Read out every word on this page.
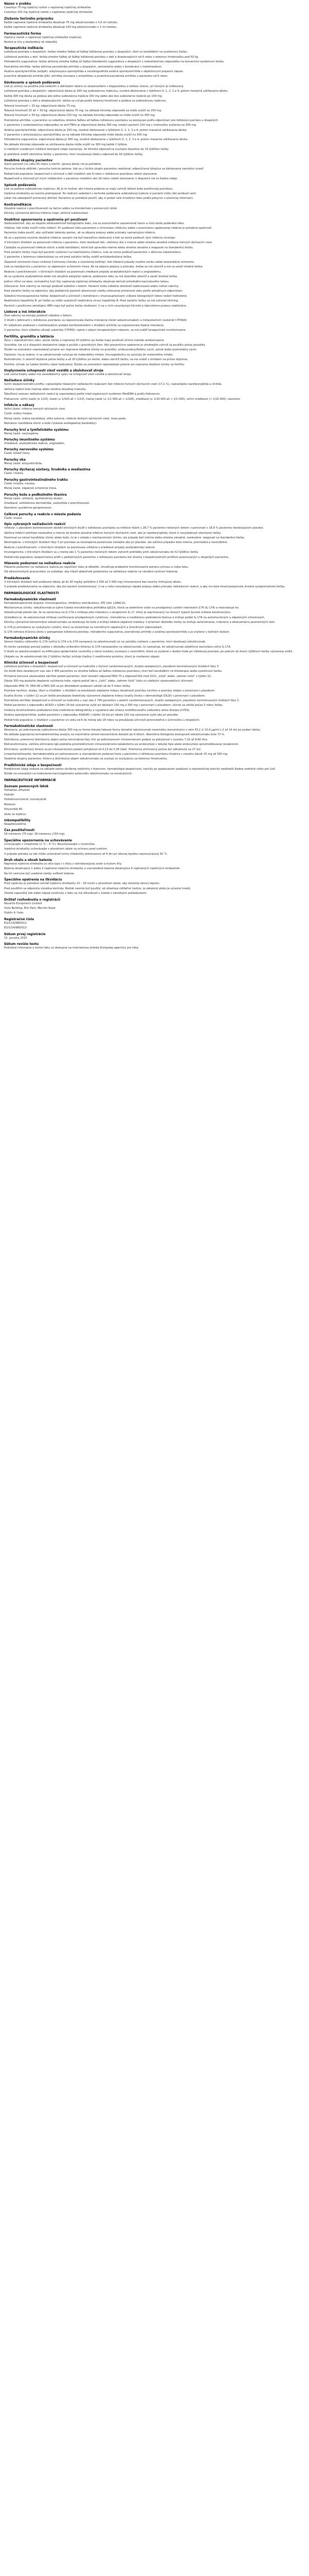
Názov v ýrobku
Cosentyx 75 mg injekčný roztok v naplnenej injekčnej striekačke
Cosentyx 150 mg injekčný roztok v naplnenej injekčnej striekačke
Zloženie liečivého prípravku
Každá naplnená injekčná striekačka obsahuje 75 mg sekukinumabu v 0,5 ml roztoku.
Každá naplnená injekčná striekačka obsahuje 150 mg sekukinumabu v 1 ml roztoku.
Farmaceutická forma
Injekčný roztok v naplnenej injekčnej striekačke (injekcia).
Roztok je číry a bezfarebný až slabožltý.
Terapeutické indikácie
Ložisková psoriáza u dospelých: liečba stredne ťažkej až ťažkej ložiskovej psoriázy u dospelých, ktorí sú kandidátmi na systémovú liečbu.
Ložisková psoriáza u detí: liečba stredne ťažkej až ťažkej ložiskovej psoriázy u detí a dospievajúcich od 6 rokov s telesnou hmotnosťou pod 50 kg.
Hidradenitis suppurativa: liečba aktívnej stredne ťažkej až ťažkej hidradenitis suppurativa u dospelých s nedostatočnou odpoveďou na konvenčnú systémovú liečbu.
Psoriatická artritída: liečba aktívnej psoriatickej artritídy u dospelých, samostatne alebo v kombinácii s metotrexátom.
Axiálna spondylartritída (axSpA): ankylozujúca spondylitída a neradiografická axiálna spondylartritída s objektívnymi prejavmi zápalu.
Juvenilná idiopatická artritída (JIA): artritída súvisiaca s entezitídou a juvenilná psoriatická artritída u pacientov od 6 rokov.
Dávkovanie a spôsob podávania
Liek je určený na použitie pod vedením a dohľadom lekára so skúsenosťami s diagnostikou a liečbou stavov, pri ktorých je indikovaný.
Ložisková psoriáza u dospelých: odporúčaná dávka je 300 mg subkutánnou injekciou, úvodné dávkovanie v týždňoch 0, 1, 2, 3 a 4, potom mesačná udržiavacia dávka.
Každá 300 mg dávka sa podáva ako jedna subkutánna injekcia 300 mg alebo ako dve subkutánne injekcie po 150 mg.
Ložisková psoriáza u detí a dospievajúcich: dávka sa určuje podľa telesnej hmotnosti a podáva sa subkutánnou injekciou.
Telesná hmotnosť < 25 kg: odporúčaná dávka 75 mg.
Telesná hmotnosť 25 až < 50 kg: odporúčaná dávka 75 mg; na základe klinickej odpovede sa môže zvýšiť na 150 mg.
Telesná hmotnosť ≥ 50 kg: odporúčaná dávka 150 mg; na základe klinickej odpovede sa môže zvýšiť na 300 mg.
Psoriatická artritída: u pacientov so súbežnou stredne ťažkou až ťažkou ložiskovou psoriázou sa postupuje podľa odporúčaní pre ložiskovú psoriázu u dospelých.
U pacientov s nedostatočnou odpoveďou na anti-TNFα je odporúčaná dávka 300 mg; ostatní pacienti 150 mg s možnosťou zvýšenia na 300 mg.
Axiálna spondylartritída: odporúčaná dávka je 150 mg, úvodné dávkovanie v týždňoch 0, 1, 2, 3 a 4, potom mesačná udržiavacia dávka.
U pacientov s ankylozujúcou spondylitídou sa na základe klinickej odpovede môže dávka zvýšiť na 300 mg.
Hidradenitis suppurativa: odporúčaná dávka je 300 mg, úvodné dávkovanie v týždňoch 0, 1, 2, 3 a 4, potom mesačná udržiavacia dávka.
Na základe klinickej odpovede sa udržiavacia dávka môže zvýšiť na 300 mg každé 2 týždne.
U všetkých uvedených indikácií dostupné údaje naznačujú, že klinická odpoveď sa zvyčajne dosiahne do 16 týždňov liečby.
Je potrebné zvážiť ukončenie liečby u pacientov, ktorí nevykazujú žiadnu odpoveď do 16 týždňov liečby.
Osobitné skupiny pacientov
Starší pacienti (vo veku 65 rokov a starší): úprava dávky nie je potrebná.
Porucha funkcie obličiek / porucha funkcie pečene: liek sa u týchto skupín pacientov neskúmal; odporúčania týkajúce sa dávkovania nemožno uviesť.
Pediatrická populácia: bezpečnosť a účinnosť u detí mladších ako 6 rokov s ložiskovou psoriázou neboli stanovené.
Bezpečnosť a účinnosť pri iných indikáciách u pacientov mladších ako 18 rokov neboli stanovené; k dispozícii nie sú žiadne údaje.
Spôsob podávania
Liek sa podáva subkutánnou injekciou. Ak je to možné, ako miesta podania sa majú vyhnúť oblasti kože postihnutej psoriázou.
Injekčná striekačka sa nesmie pretrepávať. Po riadnom zaškolení v technike podávania subkutánnej injekcie si pacienti môžu liek podávať sami.
Lekár má zabezpečiť primeraný dohľad. Pacientov je potrebné poučiť, aby si podali celé množstvo lieku podľa pokynov v písomnej informácii.
Kontraindikácie
Závažné reakcie z precitlivenosti na liečivo alebo na ktorúkoľvek z pomocných látok.
Klinicky významná aktívna infekcia (napr. aktívna tuberkulóza).
Osobitné upozornenia a opatrenia pri používaní
Sledovateľnosť: aby sa zlepšila sledovateľnosť biologického lieku, má sa zrozumiteľne zaznamenať názov a číslo šarže podaného lieku.
Infekcie: liek môže zvýšiť riziko infekcií. Pri podávaní lieku pacientom s chronickou infekciou alebo s anamnézou opakovanej infekcie je potrebná opatrnosť.
Pacientov treba poučiť, aby vyhľadali lekársku pomoc, ak sa objavia prejavy alebo príznaky naznačujúce infekciu.
Ak sa u pacienta rozvinie závažná infekcia, pacient má byť starostlivo sledovaný a liek sa nemá podávať, kým infekcia neustúpi.
V klinických štúdiách sa pozorovali infekcie u pacientov, ktorí dostávali liek; väčšinou išlo o mierne alebo stredne závažné infekcie horných dýchacích ciest.
Častejšie sa pozorovali infekcie slizníc a kože kandidami, ktoré boli spravidla mierne alebo stredne závažné a reagovali na štandardnú liečbu.
Pred začatím liečby majú byť pacienti vyšetrení na tuberkulóznu infekciu. Liek sa nemá podávať pacientom s aktívnou tuberkulózou.
U pacientov s latentnou tuberkulózou sa má pred začatím liečby zvážiť antituberkulózna liečba.
Zápalové ochorenie čreva (vrátane Crohnovej choroby a ulceróznej kolitídy): boli hlásené prípady nového vzniku alebo exacerbácie ochorenia.
Liek sa neodporúča u pacientov so zápalovým ochorením čreva. Ak sa objavia prejavy a príznaky, liečba sa má ukončiť a má sa začať vhodná liečba.
Reakcie z precitlivenosti: v klinických štúdiách sa pozorovali zriedkavé prípady anafylaktických reakcií a angioedému.
Ak sa vyskytne anafylaktická alebo iná závažná alergická reakcia, podávanie lieku sa má okamžite ukončiť a začať vhodná liečba.
Jedinci citliví na latex: snímateľný kryt ihly naplnenej injekčnej striekačky obsahuje derivát prírodného kaučukového latexu.
Očkovania: živé vakcíny sa nemajú podávať súbežne s liekom. Pacienti môžu súbežne dostávať inaktivované alebo neživé vakcíny.
Pred začatím liečby sa odporúča, aby pediatrickí pacienti absolvovali všetky očkovania primerané veku podľa aktuálnych odporúčaní.
Súbežná imunosupresívna liečba: bezpečnosť a účinnosť v kombinácii s imunosupresívami vrátane biologických liekov neboli hodnotené.
Reaktivácia hepatitídy B: pri liečbe sa môže vyskytnúť reaktivácia vírusu hepatitídy B. Pred začatím liečby sa má vykonať skríning.
Pacienti s pozitívnou sérológiou HBV majú byť počas liečby sledovaní, či sa u nich nevyskytujú klinické a laboratórne prejavy reaktivácie.
Liekové a iné interakcie
Živé vakcíny sa nemajú podávať súbežne s liekom.
V štúdii s jedincami s ložiskovou psoriázou sa nepozorovala žiadna interakcia medzi sekukinumabom a midazolamom (substrát CYP3A4).
Pri súbežnom podávaní s metotrexátom a/alebo kortikosteroidmi v štúdiách artritídy sa nepozorovala žiadna interakcia.
U pacientov, ktorí súbežne užívajú substráty CYP450, najmä s úzkym terapeutickým indexom, sa má zvážiť terapeutické monitorovanie.
Fertilita, gravidita a laktácia
Ženy v reprodukčnom veku: počas liečby a najmenej 20 týždňov po liečbe majú používať účinnú metódu antikoncepcie.
Gravidita: nie sú k dispozícii dostatočné údaje o použití u gravidných žien. Ako preventívne opatrenie je vhodnejšie vyhnúť sa použitiu počas gravidity.
Štúdie na zvieratách nepreukázali priame ani nepriame škodlivé účinky na graviditu, embryonálny/fetálny vývin, pôrod alebo postnatálny vývin.
Dojčenie: nie je známe, či sa sekukinumab vylučuje do materského mlieka. Imunoglobulíny sa vylučujú do materského mlieka.
Rozhodnutie, či ukončiť dojčenie počas liečby a až 20 týždňov po liečbe, alebo ukončiť liečbu, sa má urobiť s ohľadom na prínos dojčenia.
Fertilita: účinok na ľudskú fertilitu nebol hodnotený. Štúdie na zvieratách nepreukázali priame ani nepriame škodlivé účinky na fertilitu.
Ovplyvnenie schopnosti viesť vozidlá a obsluhovať stroje
Liek nemá žiadny alebo má zanedbateľný vplyv na schopnosť viesť vozidlá a obsluhovať stroje.
Nežiaduce účinky
Súhrn bezpečnostného profilu: najčastejšie hlásenými nežiaducimi reakciami boli infekcie horných dýchacích ciest (17,1 %), najčastejšie nazofaryngitída a rinitída.
Väčšina reakcií bola miernej alebo stredne závažnej intenzity.
Tabuľkový zoznam nežiaducich reakcií je usporiadaný podľa tried orgánových systémov MedDRA a podľa frekvencie.
Frekvencie: veľmi časté (≥ 1/10), časté (≥ 1/100 až < 1/10), menej časté (≥ 1/1 000 až < 1/100), zriedkavé (≥ 1/10 000 až < 1/1 000), veľmi zriedkavé (< 1/10 000), neznáme.
Infekcie a nákazy
Veľmi časté: infekcie horných dýchacích ciest.
Časté: orálny herpes.
Menej časté: orálna kandidóza, otitis externa, infekcie dolných dýchacích ciest, tinea pedis.
Neznáme: kandidóza slizníc a kože (vrátane ezofageálnej kandidózy).
Poruchy krvi a lymfatického systému
Menej časté: neutropénia.
Poruchy imunitného systému
Zriedkavé: anafylaktické reakcie, angioedém.
Poruchy nervového systému
Časté: bolesť hlavy.
Poruchy oka
Menej časté: konjunktivitída.
Poruchy dýchacej sústavy, hrudníka a mediastína
Časté: rinorea.
Poruchy gastrointestinálneho traktu
Časté: hnačka, nauzea.
Menej časté: zápalové ochorenie čreva.
Poruchy kože a podkožného tkaniva
Menej časté: urtikária, dyshidrotický ekzém.
Zriedkavé: exfoliatívna dermatitída, vaskulitída z precitlivenosti.
Neznáme: pyoderma gangrenosum.
Celkové poruchy a reakcie v mieste podania
Časté: únava.
Opis vybraných nežiaducich reakcií
Infekcie: v placebom kontrolovanom období klinických štúdií s ložiskovou psoriázou sa infekcie hlásili u 28,7 % pacientov liečených liekom v porovnaní s 18,9 % pacientov dostávajúcich placebo.
Väčšina infekcií zahŕňala nezávažné a mierne až stredne závažné infekcie horných dýchacích ciest, ako je nazofaryngitída, ktoré si nevyžadovali ukončenie liečby.
Pozoroval sa nárast kandidózy slizníc alebo kože, čo je v súlade s mechanizmom účinku, ale prípady boli mierne alebo stredne závažné, nezávažné, reagovali na štandardnú liečbu.
Neutropénia: v klinických štúdiách fázy 3 pri psoriáze sa neutropénia pozorovala častejšie ako pri placebe, ale väčšina prípadov bola mierna, prechodná a reverzibilná.
Reakcie z precitlivenosti: v klinických štúdiách sa pozorovala urtikária a zriedkavé prípady anafylaktickej reakcie.
Imunogenicita: v klinických štúdiách sa u menej ako 1 % pacientov liečených liekom vytvorili protilátky proti sekukinumabu do 52 týždňov liečby.
Pediatrická populácia: bezpečnostný profil u pediatrických pacientov s ložiskovou psoriázou bol zhodný s bezpečnostným profilom pozorovaným u dospelých pacientov.
Hlásenie podozrení na nežiaduce reakcie
Hlásenie podozrení na nežiaduce reakcie po registrácii lieku je dôležité. Umožňuje priebežné monitorovanie pomeru prínosu a rizika lieku.
Od zdravotníckych pracovníkov sa vyžaduje, aby hlásili akékoľvek podozrenia na nežiaduce reakcie na národné centrum hlásenia.
Predávkovanie
V klinických štúdiách boli podávané dávky až do 30 mg/kg (približne 2 000 až 3 000 mg) intravenózne bez toxicity limitujúcej dávku.
V prípade predávkovania sa odporúča, aby bol pacient monitorovaný, či sa u neho nevyskytujú nejaké prejavy alebo príznaky nežiaducich reakcií, a aby mu bola ihneď poskytnutá vhodná symptomatická liečba.
FARMAKOLOGICKÉ VLASTNOSTI
Farmakodynamické vlastnosti
Farmakoterapeutická skupina: imunosupresíva, inhibítory interleukínov, ATC kód: L04AC10.
Mechanizmus účinku: sekukinumab je úplne ľudská monoklonálna protilátka IgG1/κ, ktorá sa selektívne viaže na prozápalový cytokín interleukín-17A (IL-17A) a neutralizuje ho.
Sekukinumab pôsobí tak, že sa zameriava na IL-17A a inhibuje jeho interakciu s receptorom IL-17, ktorý je exprimovaný na rôznych typoch buniek vrátane keratinocytov.
Výsledkom je, že sekukinumab inhibuje uvoľňovanie prozápalových cytokínov, chemokínov a mediátorov poškodenia tkaniva a znižuje podiel IL-17A na autoimunitných a zápalových ochoreniach.
Klinicky významné koncentrácie sekukinumabu sa dostávajú do kože a znižujú lokálne zápalové markery. V priamom dôsledku liečby sa znižuje začervenanie, induráciu a deskvamáciu psoriatických lézií.
IL-17A je prirodzene sa vyskytujúci cytokín, ktorý sa zúčastňuje na normálnych zápalových a imunitných odpovediach.
IL-17A zohráva kľúčovú úlohu v patogenéze ložiskovej psoriázy, hidradenitis suppurativa, psoriatickej artritídy a axiálnej spondylartritídy a je zvýšený v kožných léziách.
Farmakodynamické účinky
Sérové hladiny celkového IL-17A (voľný IL-17A a IL-17A naviazaný na sekukinumab) sú na začiatku zvýšené u pacientov, ktorí dostávajú sekukinumab.
Po tomto nasleduje pomalý pokles v dôsledku zníženého klírensu IL-17A naviazaného na sekukinumab, čo naznačuje, že sekukinumab selektívne zachytáva voľný IL-17A.
V štúdii so sekukinumabom sa infiltrujúce epidermálne neutrofily a rôzne markery súvisiace s neutrofilmi, ktoré sú zvýšené v léziách kože pri ložiskovej psoriáze, po jednom až dvoch týždňoch liečby významne znížili.
Ukázalo sa, že sekukinumab (do 2 týždňov liečby) znižuje hladiny C-reaktívneho proteínu, ktorý je markerom zápalu.
Klinická účinnosť a bezpečnosť
Ložisková psoriáza u dospelých: bezpečnosť a účinnosť sa hodnotila v štyroch randomizovaných, dvojito zaslepených, placebom kontrolovaných štúdiách fázy 3.
Do štúdií bolo zaradených viac ako 2 400 pacientov so stredne ťažkou až ťažkou ložiskovou psoriázou, ktorí boli kandidátmi na fototerapiu alebo systémovú liečbu.
Primárne koncové ukazovatele zahŕňali podiel pacientov, ktorí dosiahli odpoveď PASI 75 a odpoveď IGA mod 2011 „čistá“ alebo „takmer čistá“ v týždni 12.
Dávka 300 mg poskytla zlepšenie vyčistenia kože, najmä pokiaľ ide o „čistú“ alebo „takmer čistú“ kožu vo všetkých ukazovateľoch účinnosti.
Odpovede PASI 75, PASI 90 a PASI 100 sa pri dlhodobom podávaní udržali až do 5 rokov liečby.
Psoriáza nechtov, skalpu, dlaní a chodidiel: v štúdiách sa preukázalo zlepšenie indexu závažnosti psoriázy nechtov a psoriázy skalpu v porovnaní s placebom.
Kvalita života: v týždni 12 sa pri liečbe preukázalo štatisticky významné zlepšenie indexu kvality života v dermatológii (DLQI) v porovnaní s placebom.
Psoriatická artritída: bezpečnosť a účinnosť sa hodnotila u viac ako 2 700 pacientov v piatich randomizovaných, dvojito zaslepených, placebom kontrolovaných štúdiách fázy 3.
Podiel pacientov s odpoveďou ACR20 v týždni 24 bol významne vyšší pri dávkach 150 mg a 300 mg v porovnaní s placebom; účinok sa udržal počas 5 rokov liečby.
Inhibícia štrukturálneho poškodenia bola hodnotená rádiograficky a vyjadrená ako zmena modifikovaného celkového skóre Sharpa (mTSS).
Axiálna spondylartritída: podiel pacientov s odpoveďou ASAS40 v týždni 16 bol pri dávke 150 mg významne vyšší ako pri placebe.
Pediatrická populácia: v štúdiách u pacientov vo veku od 6 do menej ako 18 rokov sa preukázala účinnosť porovnateľná s účinnosťou u dospelých.
Farmakokinetické vlastnosti
Absorpcia: po jednorazovej subkutánnej dávke 300 mg vo forme tekutej liekovej formy dosiahol sekukinumab maximálnu koncentráciu v sére 43,2 ± 10,4 µg/ml o 2 až 14 dní po podaní dávky.
Na základe populačnej farmakokinetickej analýzy sa maximálne sérové koncentrácie dosiahli po 6 dňoch. Absolútna biologická dostupnosť sekukinumabu bola 73 %.
Distribúcia: priemerný distribučný objem počas terminálnej fázy (Vz) po jednorazovom intravenóznom podaní sa pohyboval v rozsahu 7,10 až 8,60 litra.
Biotransformácia: väčšina eliminácie IgG prebieha prostredníctvom intracelulárneho katabolizmu po endocytóze v tekutej fáze alebo endocytóze sprostredkovanej receptorom.
Eliminácia: systémový klírens sa po intravenóznom podaní pohyboval od 0,13 do 0,36 l/deň. Priemerný eliminačný polčas bol odhadnutý na 27 dní.
Linearita/nelinearita: farmakokinetika pri jednorazovom a viacnásobnom podávaní bola u pacientov s ložiskovou psoriázou lineárna v rozsahu dávok 25 mg až 300 mg.
Osobitné skupiny pacientov: klírens a distribučný objem sekukinumabu sa zvyšujú so zvyšujúcou sa telesnou hmotnosťou.
Predklinické údaje o bezpečnosti
Predklinické údaje získané na základe testov skríženej reaktivity s tkanivom, farmakológie bezpečnosti, toxicity po opakovanom podávaní a reprodukčnej toxicity neodhalili žiadne osobitné riziko pre ľudí.
Štúdie na zvieratách na hodnotenie karcinogénneho potenciálu sekukinumabu sa neuskutočnili.
FARMACEUTICKÉ INFORMÁCIE
Zoznam pomocných látok
Trehalóza, dihydrát
Histidín
Histidíniumchlorid, monohydrát
Metionín
Polysorbát 80
Voda na injekciu
Inkompatibility
Neaplikovateľné.
Čas použiteľnosti
18 mesiacov (75 mg); 18 mesiacov (150 mg).
Špeciálne upozornenia na uchovávanie
Uchovávajte v chladničke (2 °C – 8 °C). Neuchovávajte v mrazničke.
Injekčné striekačky uchovávajte v pôvodnom obale na ochranu pred svetlom.
V prípade potreby sa liek môže uchovávať mimo chladničky jednorazovo až 4 dni pri izbovej teplote neprevyšujúcej 30 °C.
Druh obalu a obsah balenia
Naplnená injekčná striekačka zo skla typu I s ihlou z nehrdzavejúcej ocele a krytom ihly.
Balenia obsahujúce 1 alebo 2 naplnené injekčné striekačky a viacnásobné balenia obsahujúce 6 naplnených injekčných striekačiek.
Na trh nemusia byť uvedené všetky veľkosti balenia.
Špeciálne opatrenia na likvidáciu
Pred injekciou je potrebné nechať injekčnú striekačku 15 – 30 minút v pôvodnom obale, aby dosiahla izbovú teplotu.
Pred použitím sa odporúča vizuálna kontrola. Roztok nesmie byť použitý, ak obsahuje viditeľné častice, je zakalený alebo je výrazne hnedý.
Všetok nepoužitý liek alebo odpad vzniknutý z lieku sa má zlikvidovať v súlade s národnými požiadavkami.
Držiteľ rozhodnutia o registrácii
Novartis Europharm Limited
Vista Building, Elm Park, Merrion Road
Dublin 4, Írsko
Registračné čísla
EU/1/14/980/012
EU/1/14/980/013
Dátum prvej registrácie
15. januára 2015
Dátum revízie textu
Podrobné informácie o tomto lieku sú dostupné na internetovej stránke Európskej agentúry pre lieky.
